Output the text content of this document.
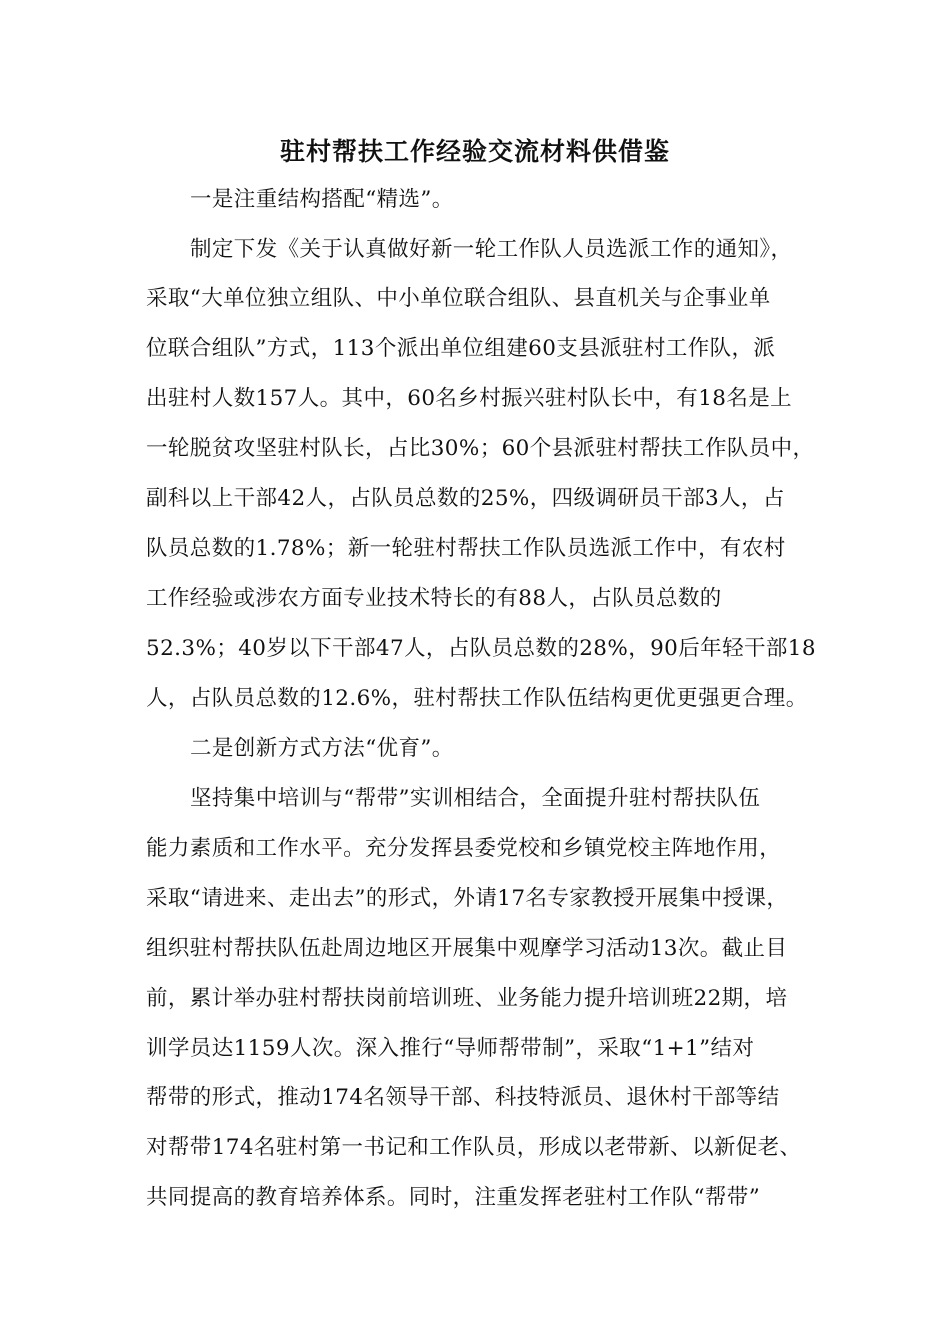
驻村帮扶工作经验交流材料供借鉴
一是注重结构搭配“精选”。
制定下发《关于认真做好新一轮工作队人员选派工作的通知》，
采取“大单位独立组队、中小单位联合组队、县直机关与企事业单
位联合组队”方式，113个派出单位组建60支县派驻村工作队，派
出驻村人数157人。其中，60名乡村振兴驻村队长中，有18名是上
一轮脱贫攻坚驻村队长，占比30%；60个县派驻村帮扶工作队员中，
副科以上干部42人，占队员总数的25%，四级调研员干部3人，占
队员总数的1.78%；新一轮驻村帮扶工作队员选派工作中，有农村
工作经验或涉农方面专业技术特长的有88人，占队员总数的
52.3%；40岁以下干部47人，占队员总数的28%，90后年轻干部18
人，占队员总数的12.6%，驻村帮扶工作队伍结构更优更强更合理。
二是创新方式方法“优育”。
坚持集中培训与“帮带”实训相结合，全面提升驻村帮扶队伍
能力素质和工作水平。充分发挥县委党校和乡镇党校主阵地作用，
采取“请进来、走出去”的形式，外请17名专家教授开展集中授课，
组织驻村帮扶队伍赴周边地区开展集中观摩学习活动13次。截止目
前，累计举办驻村帮扶岗前培训班、业务能力提升培训班22期，培
训学员达1159人次。深入推行“导师帮带制”，采取“1+1”结对
帮带的形式，推动174名领导干部、科技特派员、退休村干部等结
对帮带174名驻村第一书记和工作队员，形成以老带新、以新促老、
共同提高的教育培养体系。同时，注重发挥老驻村工作队“帮带”
